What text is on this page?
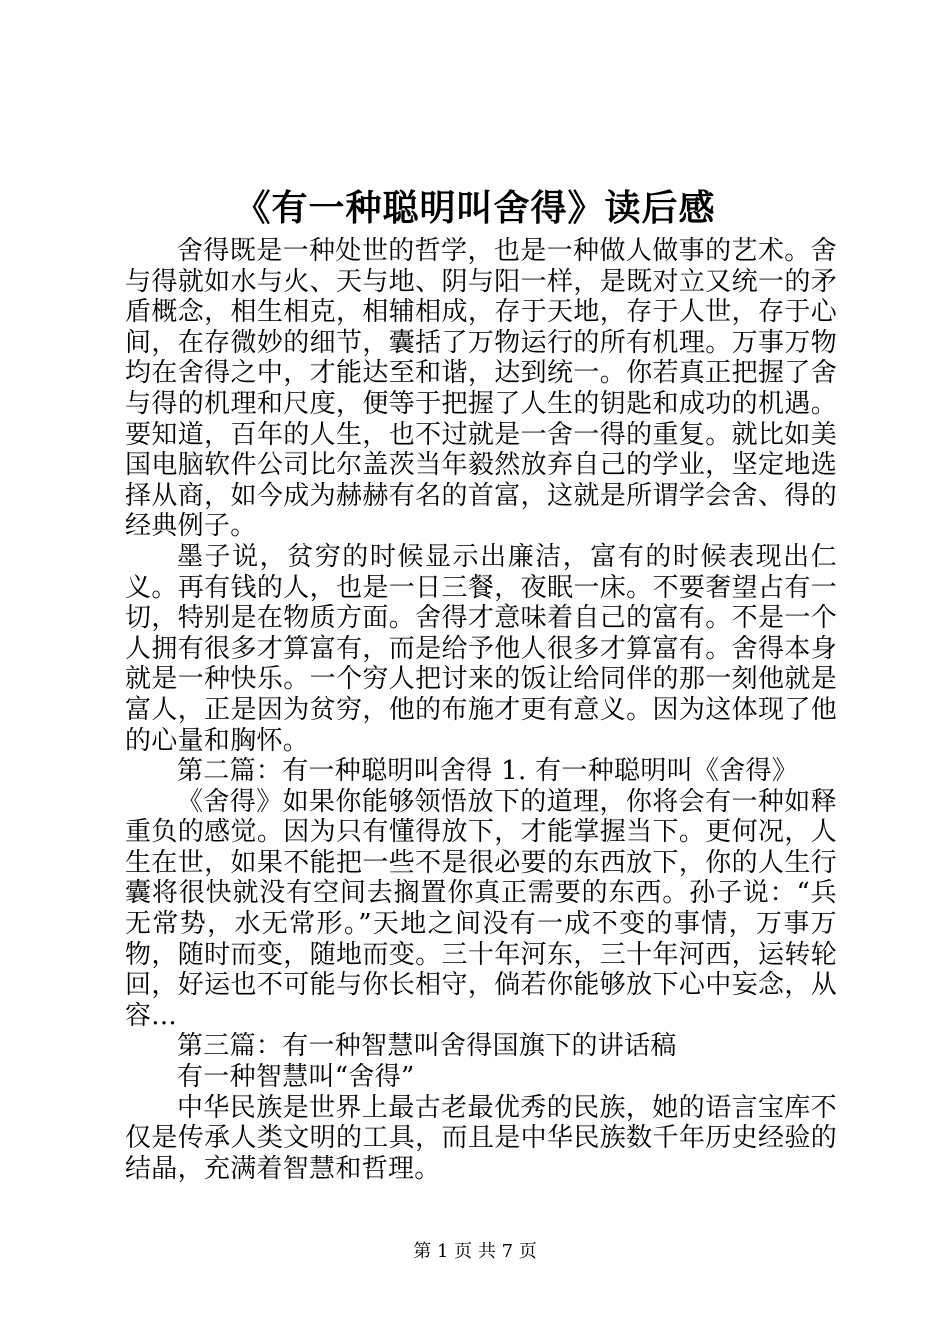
《有一种聪明叫舍得》读后感

舍得既是一种处世的哲学，也是一种做人做事的艺术。舍与得就如水与火、天与地、阴与阳一样，是既对立又统一的矛盾概念，相生相克，相辅相成，存于天地，存于人世，存于心间，在存微妙的细节，囊括了万物运行的所有机理。万事万物均在舍得之中，才能达至和谐，达到统一。你若真正把握了舍与得的机理和尺度，便等于把握了人生的钥匙和成功的机遇。要知道，百年的人生，也不过就是一舍一得的重复。就比如美国电脑软件公司比尔盖茨当年毅然放弃自己的学业，坚定地选择从商，如今成为赫赫有名的首富，这就是所谓学会舍、得的经典例子。

墨子说，贫穷的时候显示出廉洁，富有的时候表现出仁义。再有钱的人，也是一日三餐，夜眠一床。不要奢望占有一切，特别是在物质方面。舍得才意味着自己的富有。不是一个人拥有很多才算富有，而是给予他人很多才算富有。舍得本身就是一种快乐。一个穷人把讨来的饭让给同伴的那一刻他就是富人，正是因为贫穷，他的布施才更有意义。因为这体现了他的心量和胸怀。

第二篇：有一种聪明叫舍得 1. 有一种聪明叫《舍得》

《舍得》如果你能够领悟放下的道理，你将会有一种如释重负的感觉。因为只有懂得放下，才能掌握当下。更何况，人生在世，如果不能把一些不是很必要的东西放下，你的人生行囊将很快就没有空间去搁置你真正需要的东西。孙子说：“兵无常势，水无常形。”天地之间没有一成不变的事情，万事万物，随时而变，随地而变。三十年河东，三十年河西，运转轮回，好运也不可能与你长相守，倘若你能够放下心中妄念，从容...

第三篇：有一种智慧叫舍得国旗下的讲话稿

有一种智慧叫“舍得”

中华民族是世界上最古老最优秀的民族，她的语言宝库不仅是传承人类文明的工具，而且是中华民族数千年历史经验的结晶，充满着智慧和哲理。

第 1 页 共 7 页
